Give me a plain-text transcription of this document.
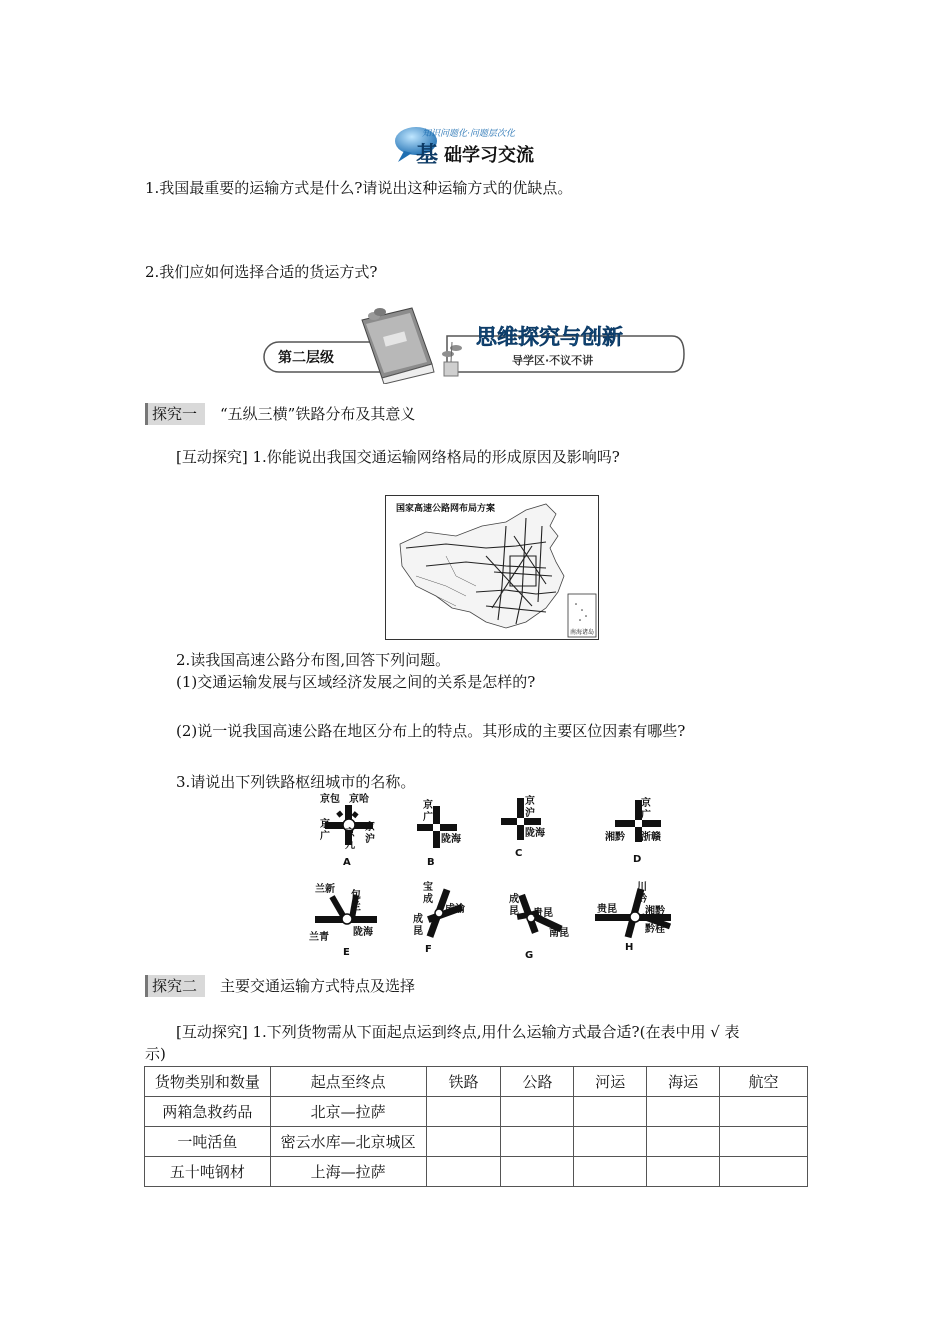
知识问题化·问题层次化
基 础学习交流
1.我国最重要的运输方式是什么?请说出这种运输方式的优缺点。
2.我们应如何选择合适的货运方式?
第二层级
思维探究与创新
导学区·不议不讲
探究一 “五纵三横”铁路分布及其意义
[互动探究] 1.你能说出我国交通运输网络格局的形成原因及影响吗?
国家高速公路网布局方案
南海诸岛
2.读我国高速公路分布图,回答下列问题。
(1)交通运输发展与区域经济发展之间的关系是怎样的?
(2)说一说我国高速公路在地区分布上的特点。其形成的主要区位因素有哪些?
3.请说出下列铁路枢纽城市的名称。
京包 京哈
京
广 京
九
京
沪
A
京
广
陇海
B
京
沪
陇海
C
京
广
湘黔 浙赣
D
兰新
包
兰
兰青 陇海
E
宝
成
成渝
成
昆
F
成
昆 贵昆
南昆
G
川
黔
贵昆	湘黔
黔桂
H
探究二 主要交通运输方式特点及选择
[互动探究] 1.下列货物需从下面起点运到终点,用什么运输方式最合适?(在表中用 √ 表
示)
货物类别和数量	起点至终点	铁路	公路	河运	海运	航空
两箱急救药品	北京—拉萨					
一吨活鱼	密云水库—北京城区					
五十吨钢材	上海—拉萨					
